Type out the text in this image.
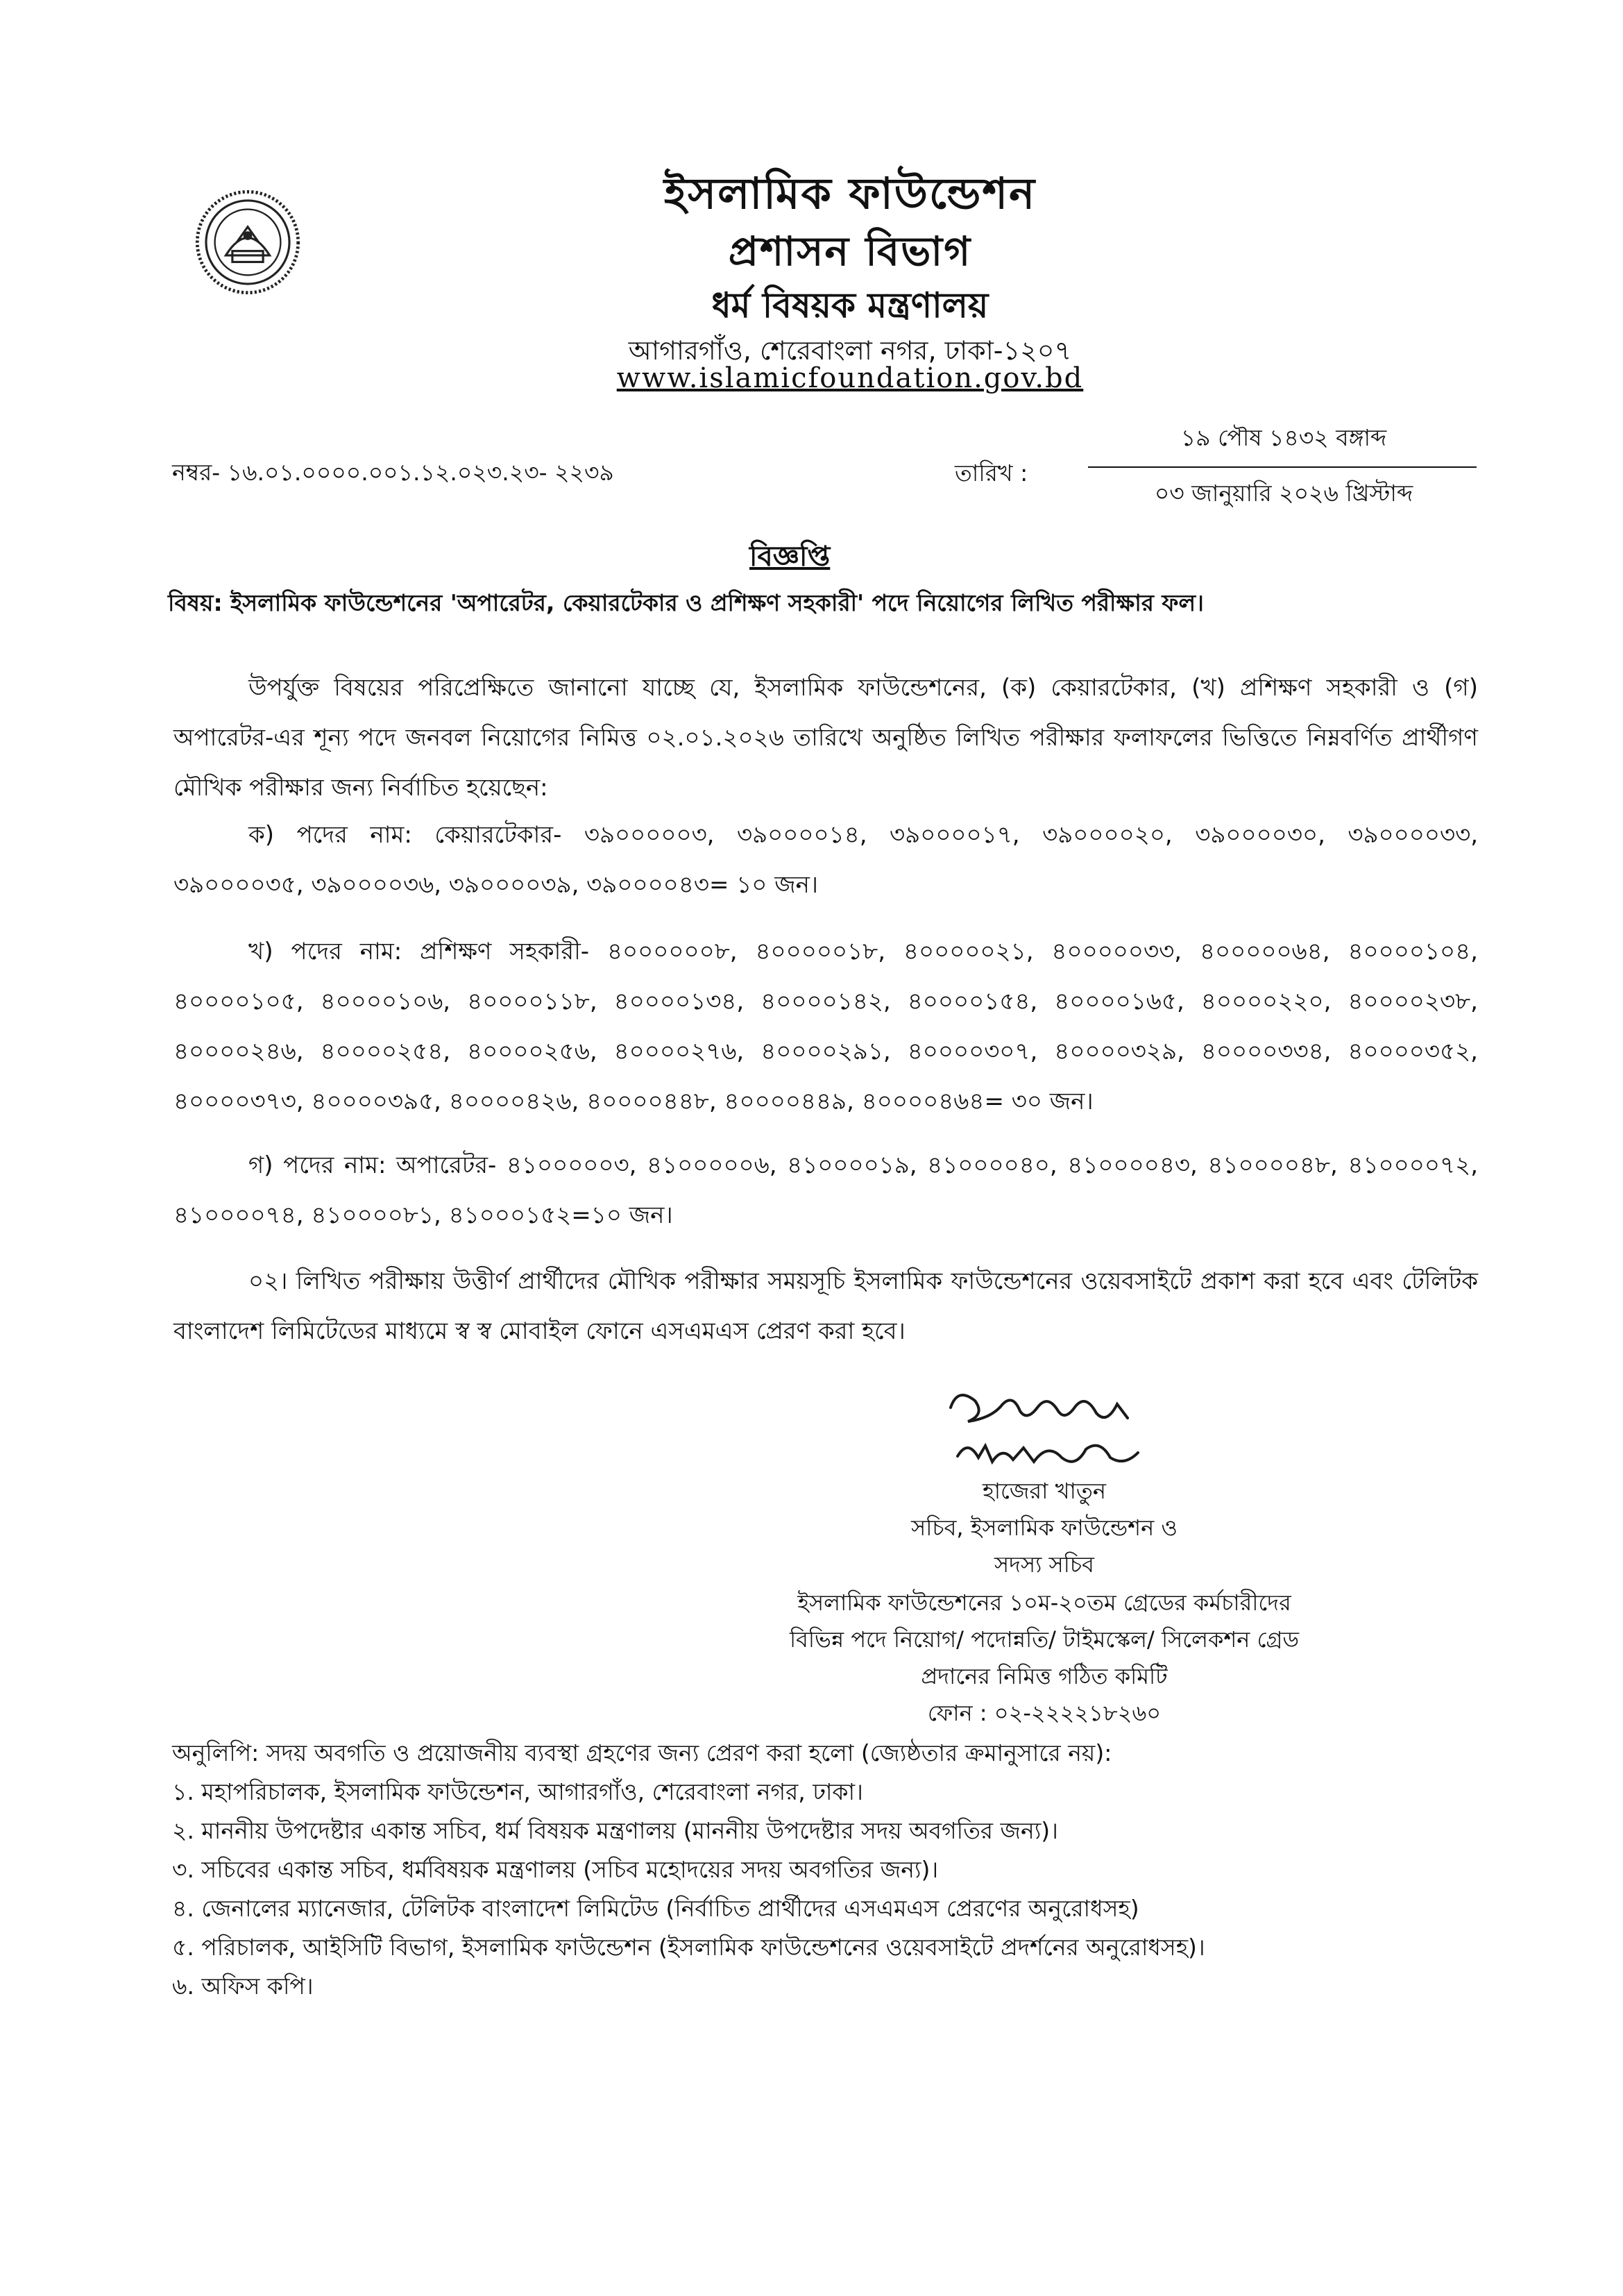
ইসলামিক ফাউন্ডেশন
প্রশাসন বিভাগ
ধর্ম বিষয়ক মন্ত্রণালয়
আগারগাঁও, শেরেবাংলা নগর, ঢাকা-১২০৭
www.islamicfoundation.gov.bd
নম্বর- ১৬.০১.০০০০.০০১.১২.০২৩.২৩- ২২৩৯	তারিখ :
১৯ পৌষ ১৪৩২ বঙ্গাব্দ
০৩ জানুয়ারি ২০২৬ খ্রিস্টাব্দ
বিজ্ঞপ্তি
বিষয়: ইসলামিক ফাউন্ডেশনের 'অপারেটর, কেয়ারটেকার ও প্রশিক্ষণ সহকারী' পদে নিয়োগের লিখিত পরীক্ষার ফল।
উপর্যুক্ত বিষয়ের পরিপ্রেক্ষিতে জানানো যাচ্ছে যে, ইসলামিক ফাউন্ডেশনের, (ক) কেয়ারটেকার, (খ) প্রশিক্ষণ সহকারী ও (গ) অপারেটর-এর শূন্য পদে জনবল নিয়োগের নিমিত্ত ০২.০১.২০২৬ তারিখে অনুষ্ঠিত লিখিত পরীক্ষার ফলাফলের ভিত্তিতে নিম্নবর্ণিত প্রার্থীগণ মৌখিক পরীক্ষার জন্য নির্বাচিত হয়েছেন:
ক) পদের নাম: কেয়ারটেকার- ৩৯০০০০০৩, ৩৯০০০০১৪, ৩৯০০০০১৭, ৩৯০০০০২০, ৩৯০০০০৩০, ৩৯০০০০৩৩, ৩৯০০০০৩৫, ৩৯০০০০৩৬, ৩৯০০০০৩৯, ৩৯০০০০৪৩= ১০ জন।
খ) পদের নাম: প্রশিক্ষণ সহকারী- ৪০০০০০০৮, ৪০০০০০১৮, ৪০০০০০২১, ৪০০০০০৩৩, ৪০০০০০৬৪, ৪০০০০১০৪, ৪০০০০১০৫, ৪০০০০১০৬, ৪০০০০১১৮, ৪০০০০১৩৪, ৪০০০০১৪২, ৪০০০০১৫৪, ৪০০০০১৬৫, ৪০০০০২২০, ৪০০০০২৩৮, ৪০০০০২৪৬, ৪০০০০২৫৪, ৪০০০০২৫৬, ৪০০০০২৭৬, ৪০০০০২৯১, ৪০০০০৩০৭, ৪০০০০৩২৯, ৪০০০০৩৩৪, ৪০০০০৩৫২, ৪০০০০৩৭৩, ৪০০০০৩৯৫, ৪০০০০৪২৬, ৪০০০০৪৪৮, ৪০০০০৪৪৯, ৪০০০০৪৬৪= ৩০ জন।
গ) পদের নাম: অপারেটর- ৪১০০০০০৩, ৪১০০০০০৬, ৪১০০০০১৯, ৪১০০০০৪০, ৪১০০০০৪৩, ৪১০০০০৪৮, ৪১০০০০৭২, ৪১০০০০৭৪, ৪১০০০০৮১, ৪১০০০১৫২=১০ জন।
০২। লিখিত পরীক্ষায় উত্তীর্ণ প্রার্থীদের মৌখিক পরীক্ষার সময়সূচি ইসলামিক ফাউন্ডেশনের ওয়েবসাইটে প্রকাশ করা হবে এবং টেলিটক বাংলাদেশ লিমিটেডের মাধ্যমে স্ব স্ব মোবাইল ফোনে এসএমএস প্রেরণ করা হবে।
হাজেরা খাতুন
সচিব, ইসলামিক ফাউন্ডেশন ও
সদস্য সচিব
ইসলামিক ফাউন্ডেশনের ১০ম-২০তম গ্রেডের কর্মচারীদের
বিভিন্ন পদে নিয়োগ/ পদোন্নতি/ টাইমস্কেল/ সিলেকশন গ্রেড
প্রদানের নিমিত্ত গঠিত কমিটি
ফোন : ০২-২২২২১৮২৬০
অনুলিপি: সদয় অবগতি ও প্রয়োজনীয় ব্যবস্থা গ্রহণের জন্য প্রেরণ করা হলো (জ্যেষ্ঠতার ক্রমানুসারে নয়):
১. মহাপরিচালক, ইসলামিক ফাউন্ডেশন, আগারগাঁও, শেরেবাংলা নগর, ঢাকা।
২. মাননীয় উপদেষ্টার একান্ত সচিব, ধর্ম বিষয়ক মন্ত্রণালয় (মাননীয় উপদেষ্টার সদয় অবগতির জন্য)।
৩. সচিবের একান্ত সচিব, ধর্মবিষয়ক মন্ত্রণালয় (সচিব মহোদয়ের সদয় অবগতির জন্য)।
৪. জেনালের ম্যানেজার, টেলিটক বাংলাদেশ লিমিটেড (নির্বাচিত প্রার্থীদের এসএমএস প্রেরণের অনুরোধসহ)
৫. পরিচালক, আইসিটি বিভাগ, ইসলামিক ফাউন্ডেশন (ইসলামিক ফাউন্ডেশনের ওয়েবসাইটে প্রদর্শনের অনুরোধসহ)।
৬. অফিস কপি।
